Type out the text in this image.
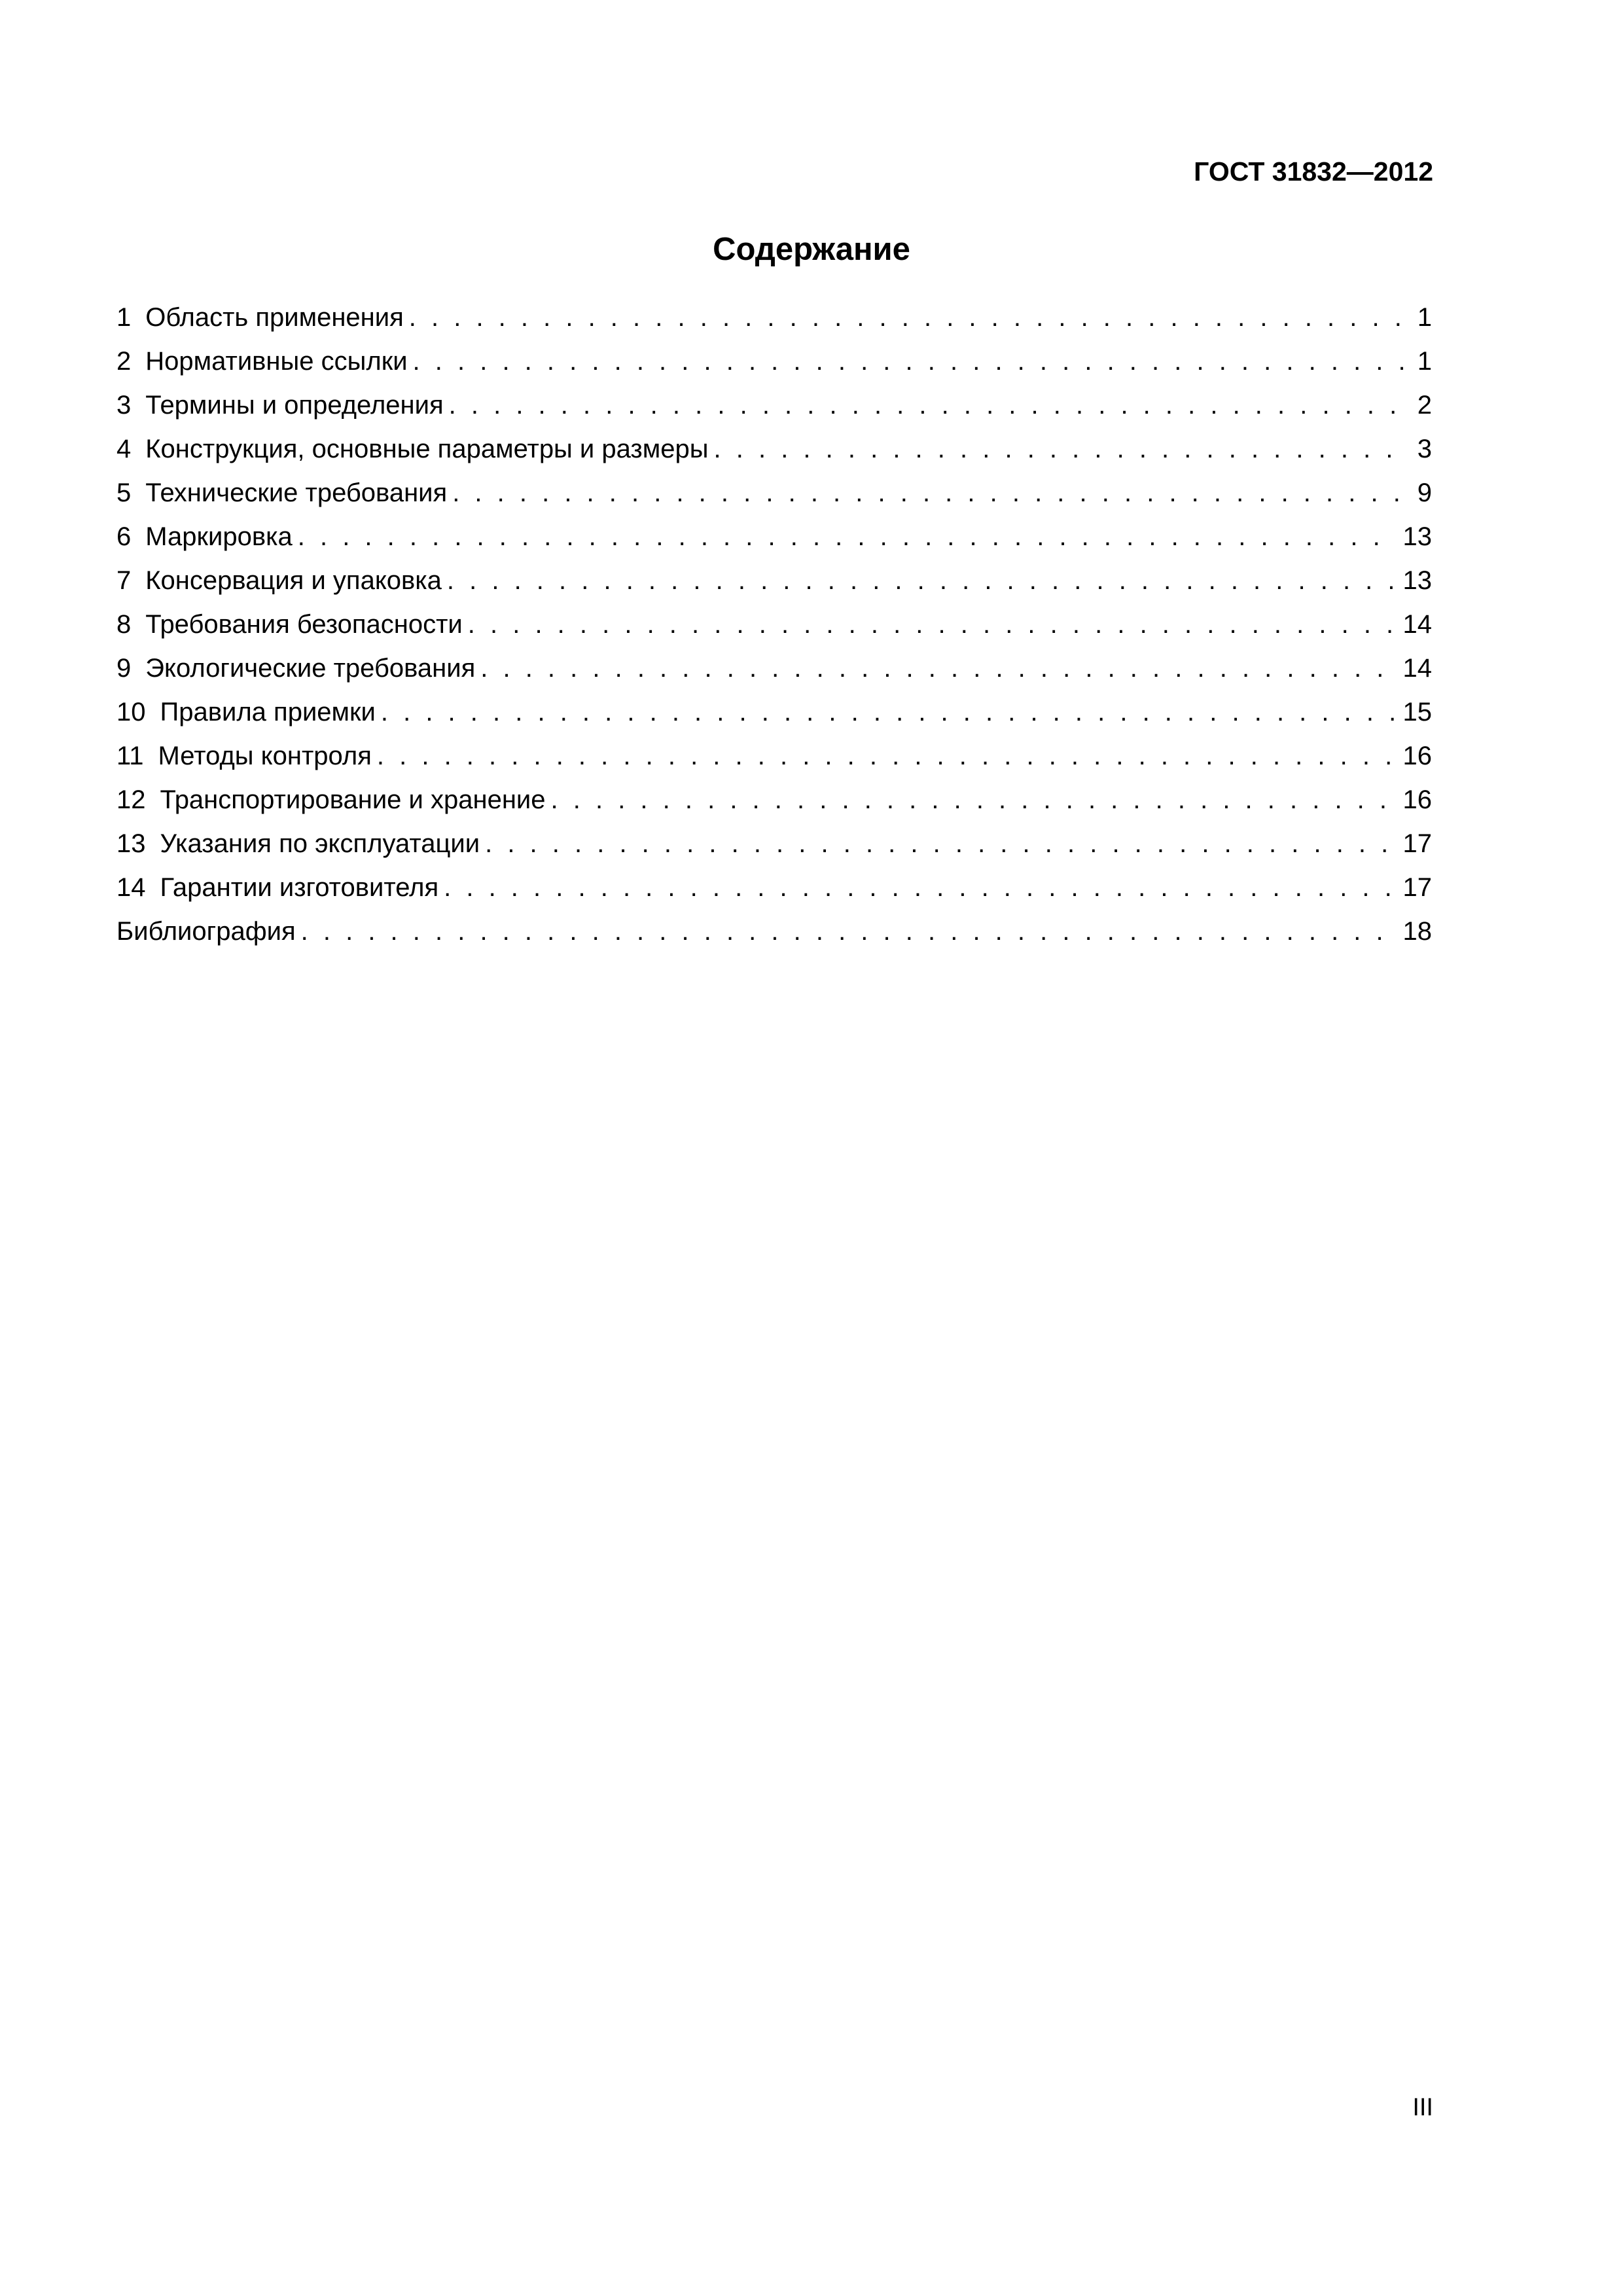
ГОСТ 31832—2012
Содержание
1 Область применения . . .	1
2 Нормативные ссылки . . .	1
3 Термины и определения . . .	2
4 Конструкция, основные параметры и размеры . . .	3
5 Технические требования . . .	9
6 Маркировка . . .	13
7 Консервация и упаковка . . .	13
8 Требования безопасности . . .	14
9 Экологические требования . . .	14
10 Правила приемки . . .	15
11 Методы контроля . . .	16
12 Транспортирование и хранение . . .	16
13 Указания по эксплуатации . . .	17
14 Гарантии изготовителя . . .	17
Библиография . . .	18
III
